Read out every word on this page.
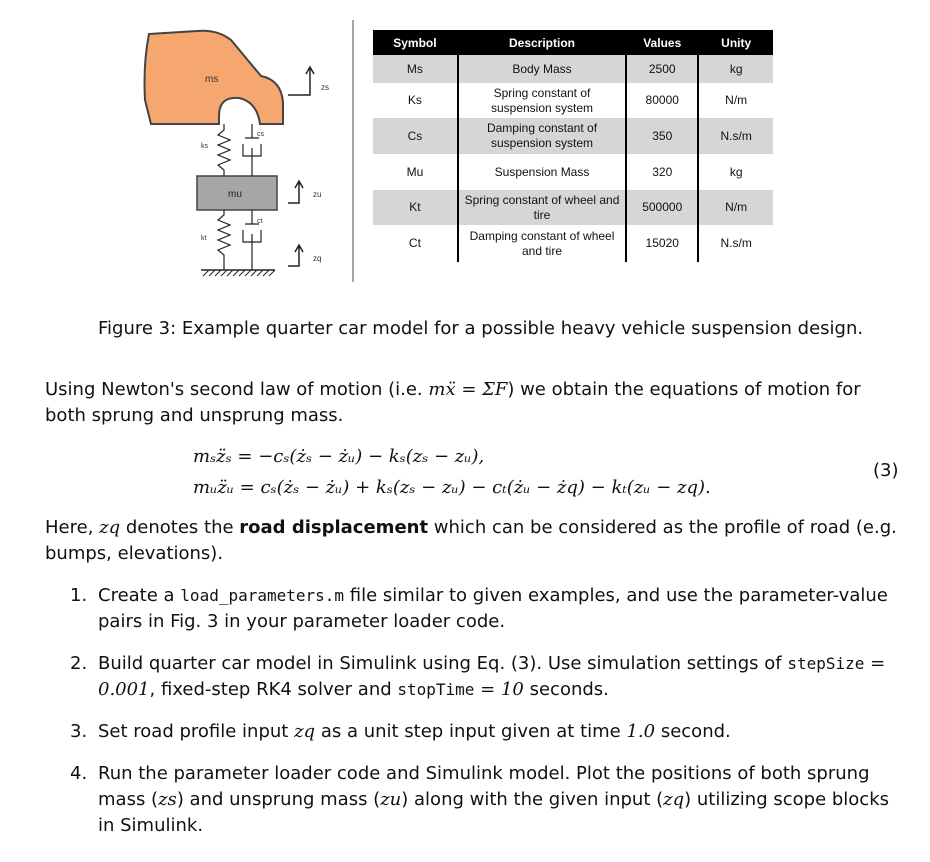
ms
mu
ks
cs
kt
ct
zs
zu
zq
Symbol	Description	Values	Unity
Ms	Body Mass	2500	kg
Ks	Spring constant of suspension system	80000	N/m
Cs	Damping constant of suspension system	350	N.s/m
Mu	Suspension Mass	320	kg
Kt	Spring constant of wheel and tire	500000	N/m
Ct	Damping constant of wheel and tire	15020	N.s/m
Figure 3: Example quarter car model for a possible heavy vehicle suspension design.
Using Newton's second law of motion (i.e. mẍ = ΣF) we obtain the equations of motion for both sprung and unsprung mass.
mₛz̈ₛ = −cₛ(żₛ − żᵤ) − kₛ(zₛ − zᵤ),
mᵤz̈ᵤ = cₛ(żₛ − żᵤ) + kₛ(zₛ − zᵤ) − cₜ(żᵤ − żq) − kₜ(zᵤ − zq).
(3)
Here, zq denotes the road displacement which can be considered as the profile of road (e.g. bumps, elevations).
1. Create a load_parameters.m file similar to given examples, and use the parameter-value pairs in Fig. 3 in your parameter loader code.
2. Build quarter car model in Simulink using Eq. (3). Use simulation settings of stepSize = 0.001, fixed-step RK4 solver and stopTime = 10 seconds.
3. Set road profile input zq as a unit step input given at time 1.0 second.
4. Run the parameter loader code and Simulink model. Plot the positions of both sprung mass (zs) and unsprung mass (zu) along with the given input (zq) utilizing scope blocks in Simulink.
